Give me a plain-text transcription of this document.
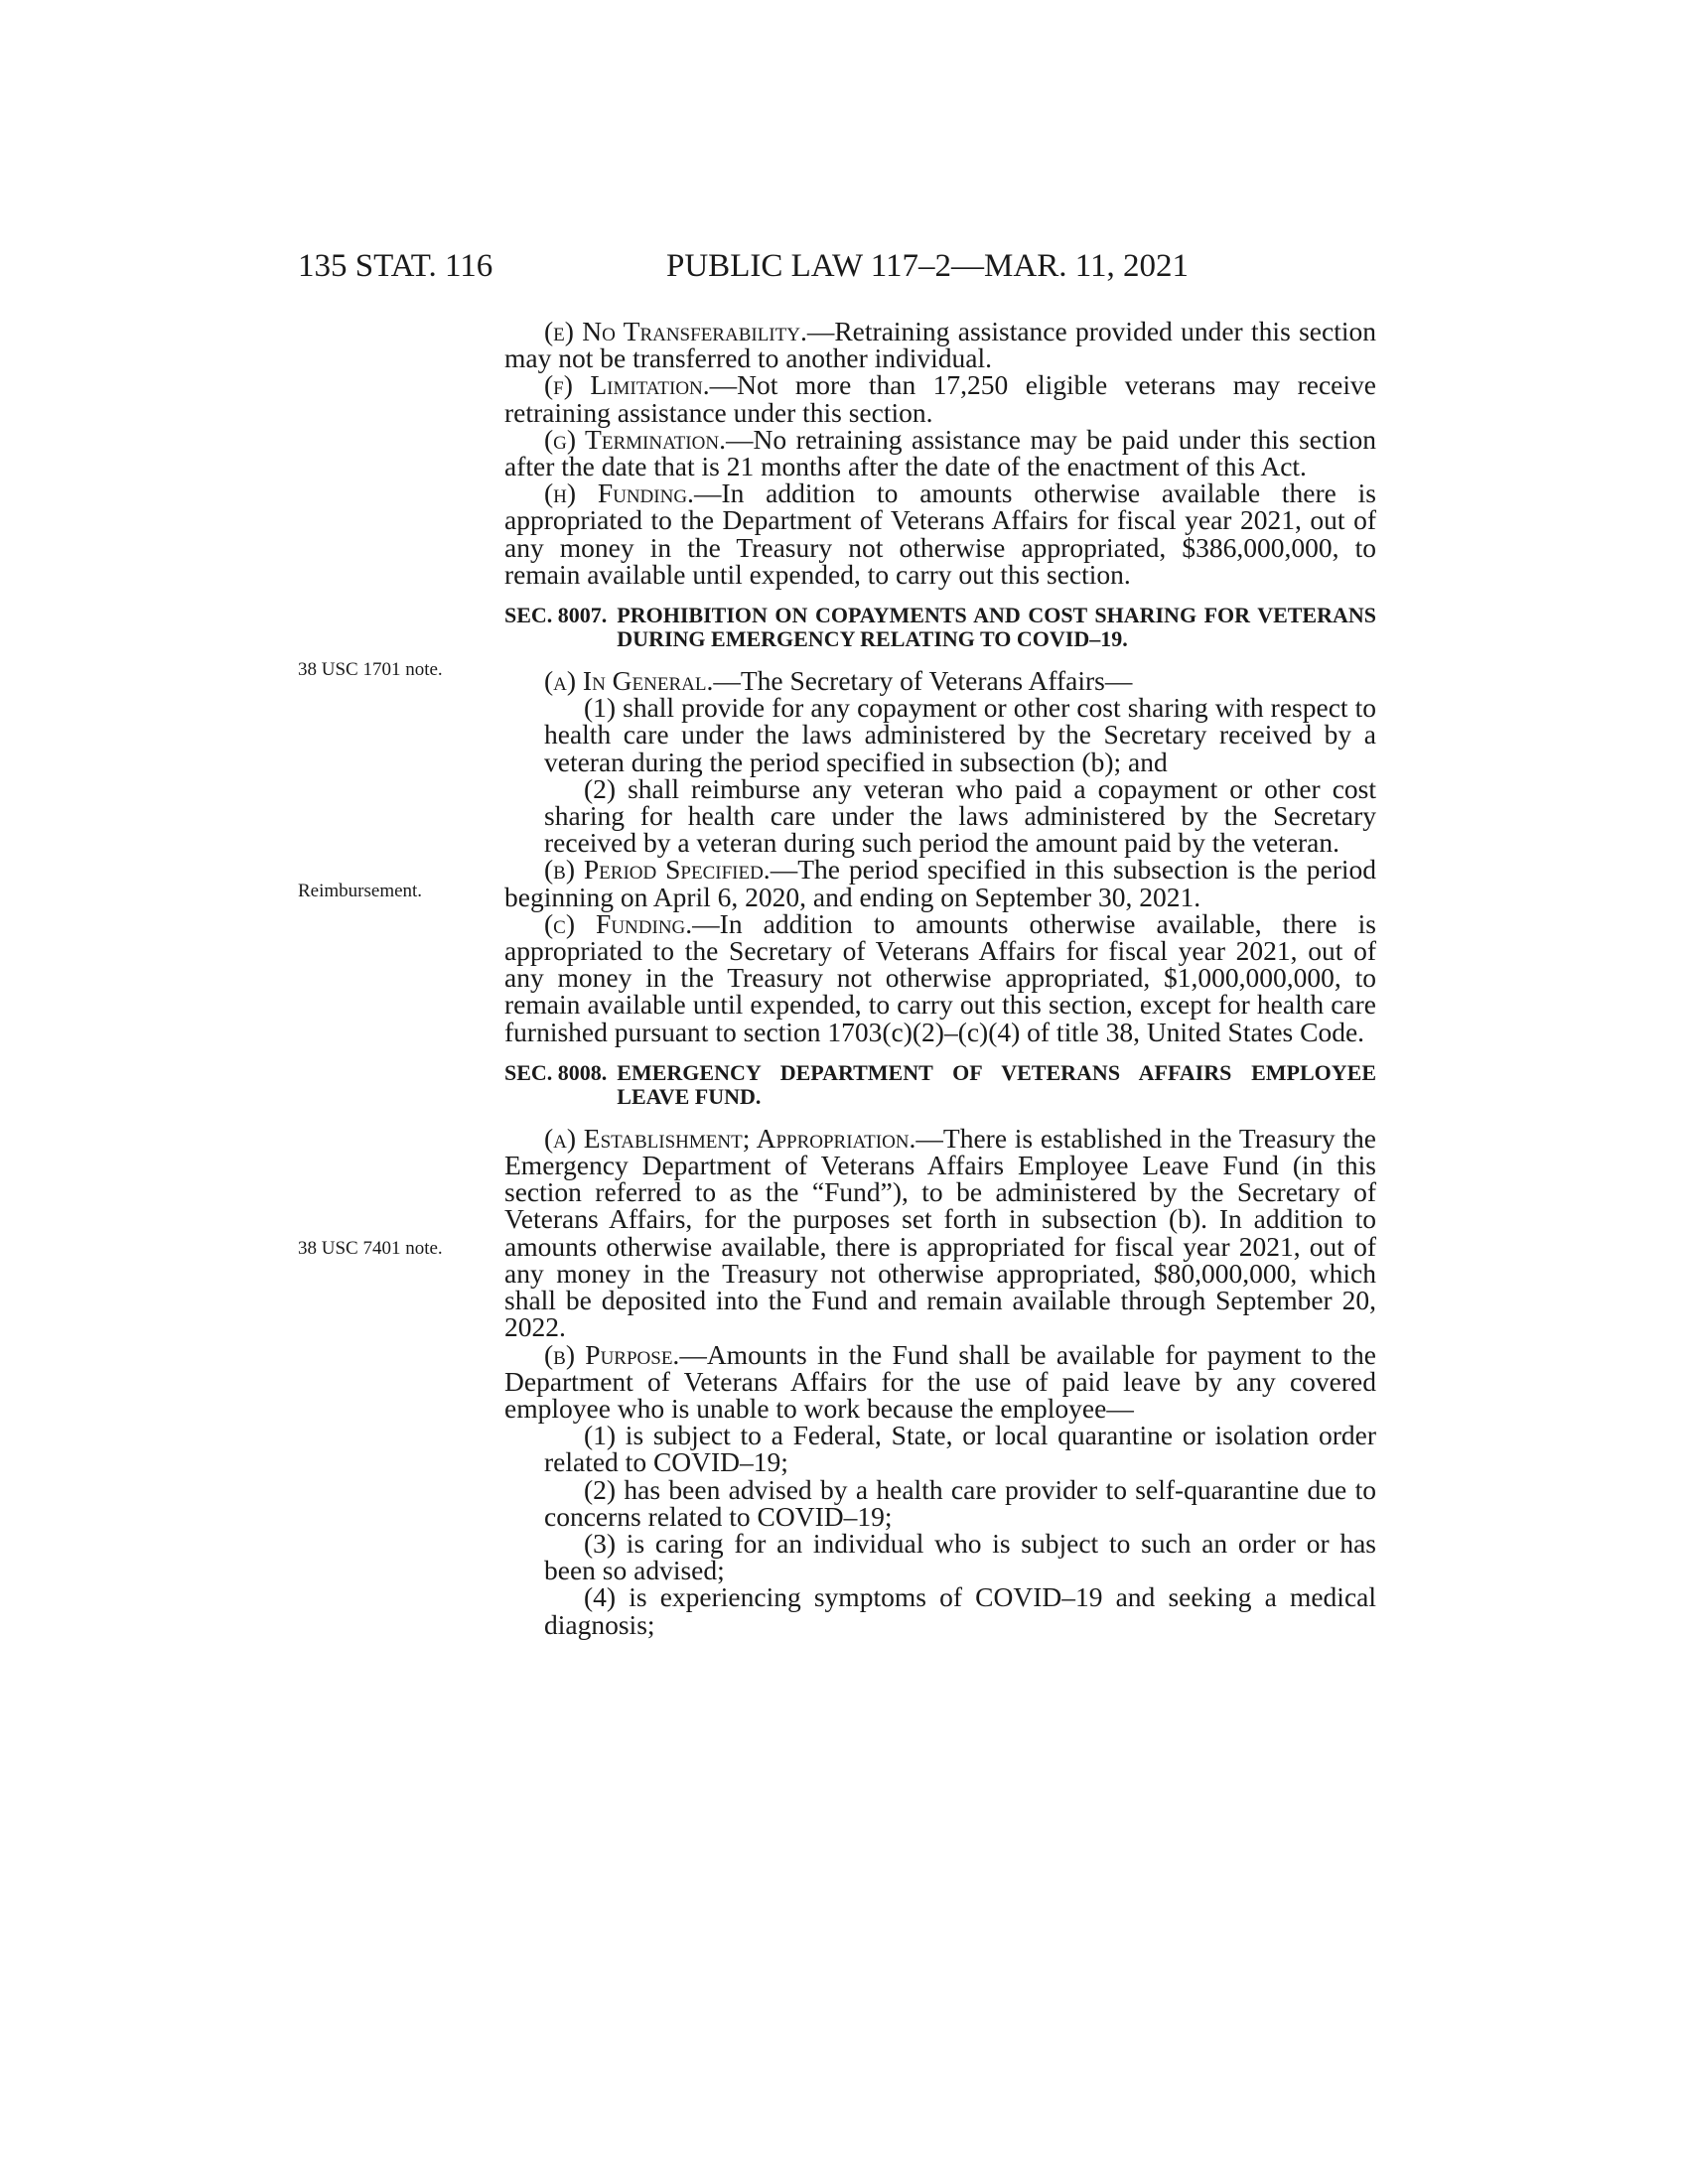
135 STAT. 116	PUBLIC LAW 117–2—MAR. 11, 2021
38 USC 1701 note.
Reimbursement.
38 USC 7401 note.

(e) No Transferability.—Retraining assistance provided under this section may not be transferred to another individual.

(f) Limitation.—Not more than 17,250 eligible veterans may receive retraining assistance under this section.

(g) Termination.—No retraining assistance may be paid under this section after the date that is 21 months after the date of the enactment of this Act.

(h) Funding.—In addition to amounts otherwise available there is appropriated to the Department of Veterans Affairs for fiscal year 2021, out of any money in the Treasury not otherwise appropriated, $386,000,000, to remain available until expended, to carry out this section.

SEC. 8007. PROHIBITION ON COPAYMENTS AND COST SHARING FOR VETERANS DURING EMERGENCY RELATING TO COVID–19.

(a) In General.—The Secretary of Veterans Affairs—

(1) shall provide for any copayment or other cost sharing with respect to health care under the laws administered by the Secretary received by a veteran during the period specified in subsection (b); and

(2) shall reimburse any veteran who paid a copayment or other cost sharing for health care under the laws administered by the Secretary received by a veteran during such period the amount paid by the veteran.

(b) Period Specified.—The period specified in this subsection is the period beginning on April 6, 2020, and ending on September 30, 2021.

(c) Funding.—In addition to amounts otherwise available, there is appropriated to the Secretary of Veterans Affairs for fiscal year 2021, out of any money in the Treasury not otherwise appropriated, $1,000,000,000, to remain available until expended, to carry out this section, except for health care furnished pursuant to section 1703(c)(2)–(c)(4) of title 38, United States Code.

SEC. 8008. EMERGENCY DEPARTMENT OF VETERANS AFFAIRS EMPLOYEE LEAVE FUND.

(a) Establishment; Appropriation.—There is established in the Treasury the Emergency Department of Veterans Affairs Employee Leave Fund (in this section referred to as the “Fund”), to be administered by the Secretary of Veterans Affairs, for the purposes set forth in subsection (b). In addition to amounts otherwise available, there is appropriated for fiscal year 2021, out of any money in the Treasury not otherwise appropriated, $80,000,000, which shall be deposited into the Fund and remain available through September 20, 2022.

(b) Purpose.—Amounts in the Fund shall be available for payment to the Department of Veterans Affairs for the use of paid leave by any covered employee who is unable to work because the employee—

(1) is subject to a Federal, State, or local quarantine or isolation order related to COVID–19;

(2) has been advised by a health care provider to self-quarantine due to concerns related to COVID–19;

(3) is caring for an individual who is subject to such an order or has been so advised;

(4) is experiencing symptoms of COVID–19 and seeking a medical diagnosis;
